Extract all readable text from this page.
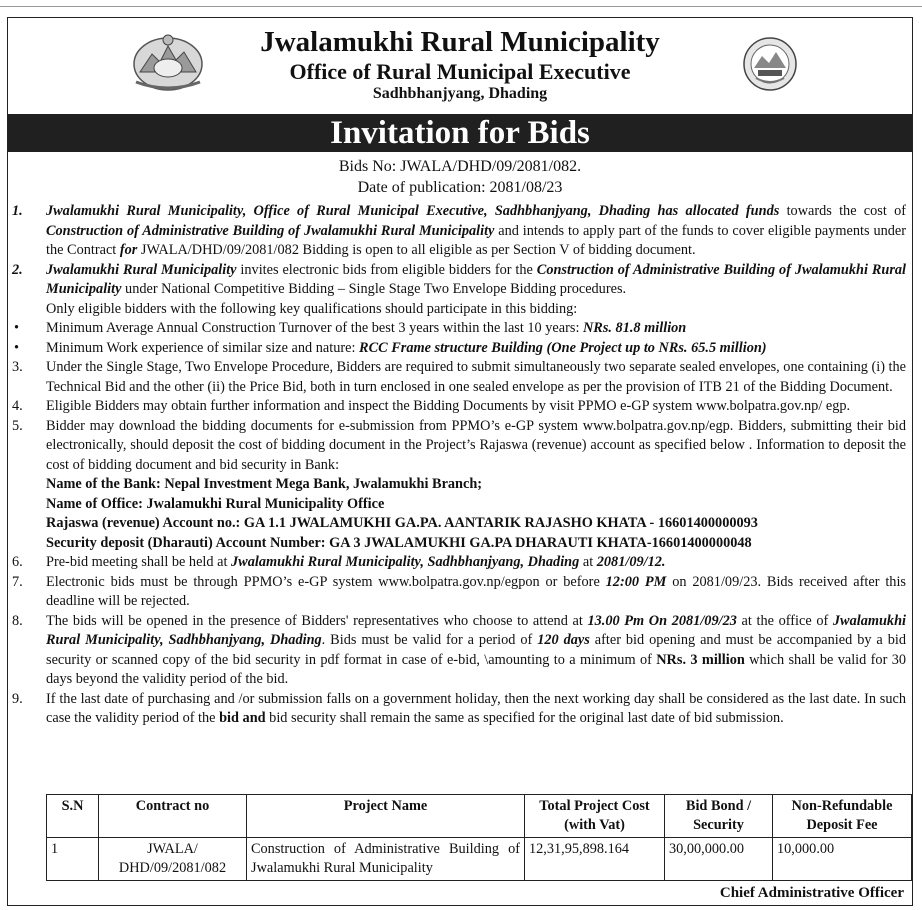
Jwalamukhi Rural Municipality
Office of Rural Municipal Executive
Sadhbhanjyang, Dhading
Invitation for Bids
Bids No: JWALA/DHD/09/2081/082.
Date of publication: 2081/08/23
1. Jwalamukhi Rural Municipality, Office of Rural Municipal Executive, Sadhbhanjyang, Dhading has allocated funds towards the cost of Construction of Administrative Building of Jwalamukhi Rural Municipality and intends to apply part of the funds to cover eligible payments under the Contract for JWALA/DHD/09/2081/082 Bidding is open to all eligible as per Section V of bidding document.
2. Jwalamukhi Rural Municipality invites electronic bids from eligible bidders for the Construction of Administrative Building of Jwalamukhi Rural Municipality under National Competitive Bidding – Single Stage Two Envelope Bidding procedures.
Only eligible bidders with the following key qualifications should participate in this bidding:
• Minimum Average Annual Construction Turnover of the best 3 years within the last 10 years: NRs. 81.8 million
• Minimum Work experience of similar size and nature: RCC Frame structure Building (One Project up to NRs. 65.5 million)
3. Under the Single Stage, Two Envelope Procedure, Bidders are required to submit simultaneously two separate sealed envelopes, one containing (i) the Technical Bid and the other (ii) the Price Bid, both in turn enclosed in one sealed envelope as per the provision of ITB 21 of the Bidding Document.
4. Eligible Bidders may obtain further information and inspect the Bidding Documents by visit PPMO e-GP system www.bolpatra.gov.np/ egp.
5. Bidder may download the bidding documents for e-submission from PPMO’s e-GP system www.bolpatra.gov.np/egp. Bidders, submitting their bid electronically, should deposit the cost of bidding document in the Project’s Rajaswa (revenue) account as specified below . Information to deposit the cost of bidding document and bid security in Bank:
Name of the Bank: Nepal Investment Mega Bank, Jwalamukhi Branch;
Name of Office: Jwalamukhi Rural Municipality Office
Rajaswa (revenue) Account no.: GA 1.1 JWALAMUKHI GA.PA. AANTARIK RAJASHO KHATA - 16601400000093
Security deposit (Dharauti) Account Number: GA 3 JWALAMUKHI GA.PA DHARAUTI KHATA-16601400000048
6. Pre-bid meeting shall be held at Jwalamukhi Rural Municipality, Sadhbhanjyang, Dhading at 2081/09/12.
7. Electronic bids must be through PPMO’s e-GP system www.bolpatra.gov.np/egpon or before 12:00 PM on 2081/09/23. Bids received after this deadline will be rejected.
8. The bids will be opened in the presence of Bidders' representatives who choose to attend at 13.00 Pm On 2081/09/23 at the office of Jwalamukhi Rural Municipality, Sadhbhanjyang, Dhading. Bids must be valid for a period of 120 days after bid opening and must be accompanied by a bid security or scanned copy of the bid security in pdf format in case of e-bid, \amounting to a minimum of NRs. 3 million which shall be valid for 30 days beyond the validity period of the bid.
9. If the last date of purchasing and /or submission falls on a government holiday, then the next working day shall be considered as the last date. In such case the validity period of the bid and bid security shall remain the same as specified for the original last date of bid submission.
S.N	Contract no	Project Name	Total Project Cost (with Vat)	Bid Bond / Security	Non-Refundable Deposit Fee
1	JWALA/ DHD/09/2081/082	Construction of Administrative Building of Jwalamukhi Rural Municipality	12,31,95,898.164	30,00,000.00	10,000.00
Chief Administrative Officer
